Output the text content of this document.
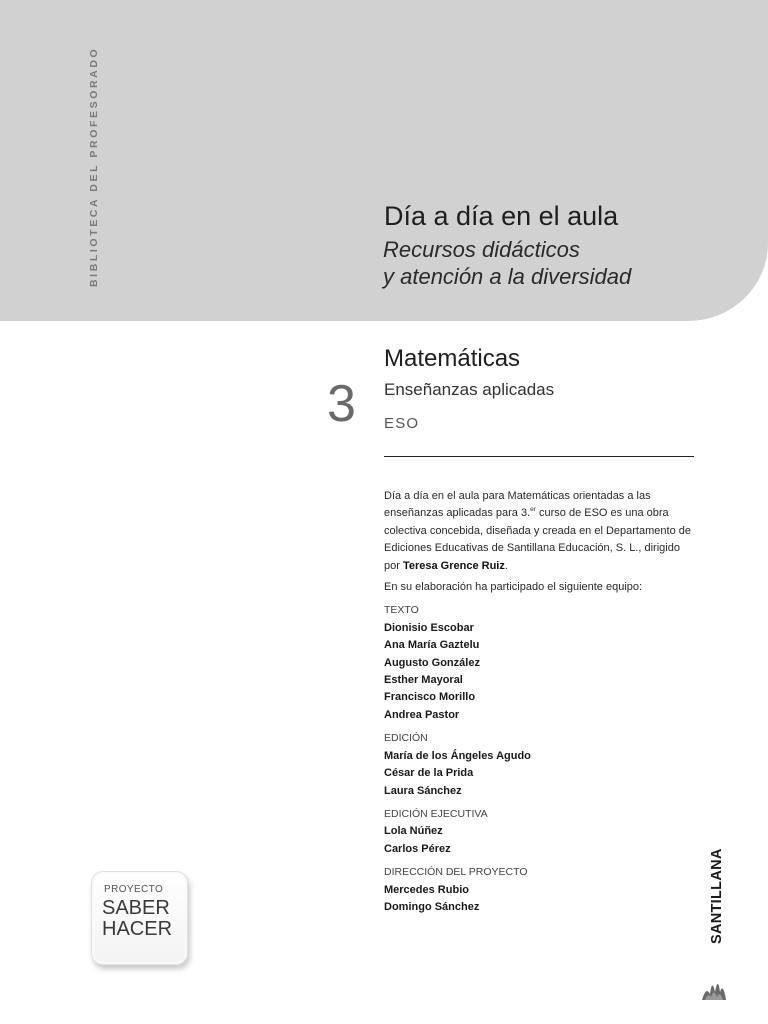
BIBLIOTECA DEL PROFESORADO	Día a día en el aula
Recursos didácticos
y atención a la diversidad
3
Matemáticas
Enseñanzas aplicadas
ESO

Día a día en el aula para Matemáticas orientadas a las enseñanzas aplicadas para 3.$^{er}$ curso de ESO es una obra colectiva concebida, diseñada y creada en el Departamento de Ediciones Educativas de Santillana Educación, S. L., dirigido por Teresa Grence Ruiz.

En su elaboración ha participado el siguiente equipo:

TEXTO
Dionisio Escobar
Ana María Gaztelu
Augusto González
Esther Mayoral
Francisco Morillo
Andrea Pastor
EDICIÓN
María de los Ángeles Agudo
César de la Prida
Laura Sánchez
EDICIÓN EJECUTIVA
Lola Núñez
Carlos Pérez
DIRECCIÓN DEL PROYECTO
Mercedes Rubio
Domingo Sánchez
PROYECTO
SABER
HACER	SANTILLANA
